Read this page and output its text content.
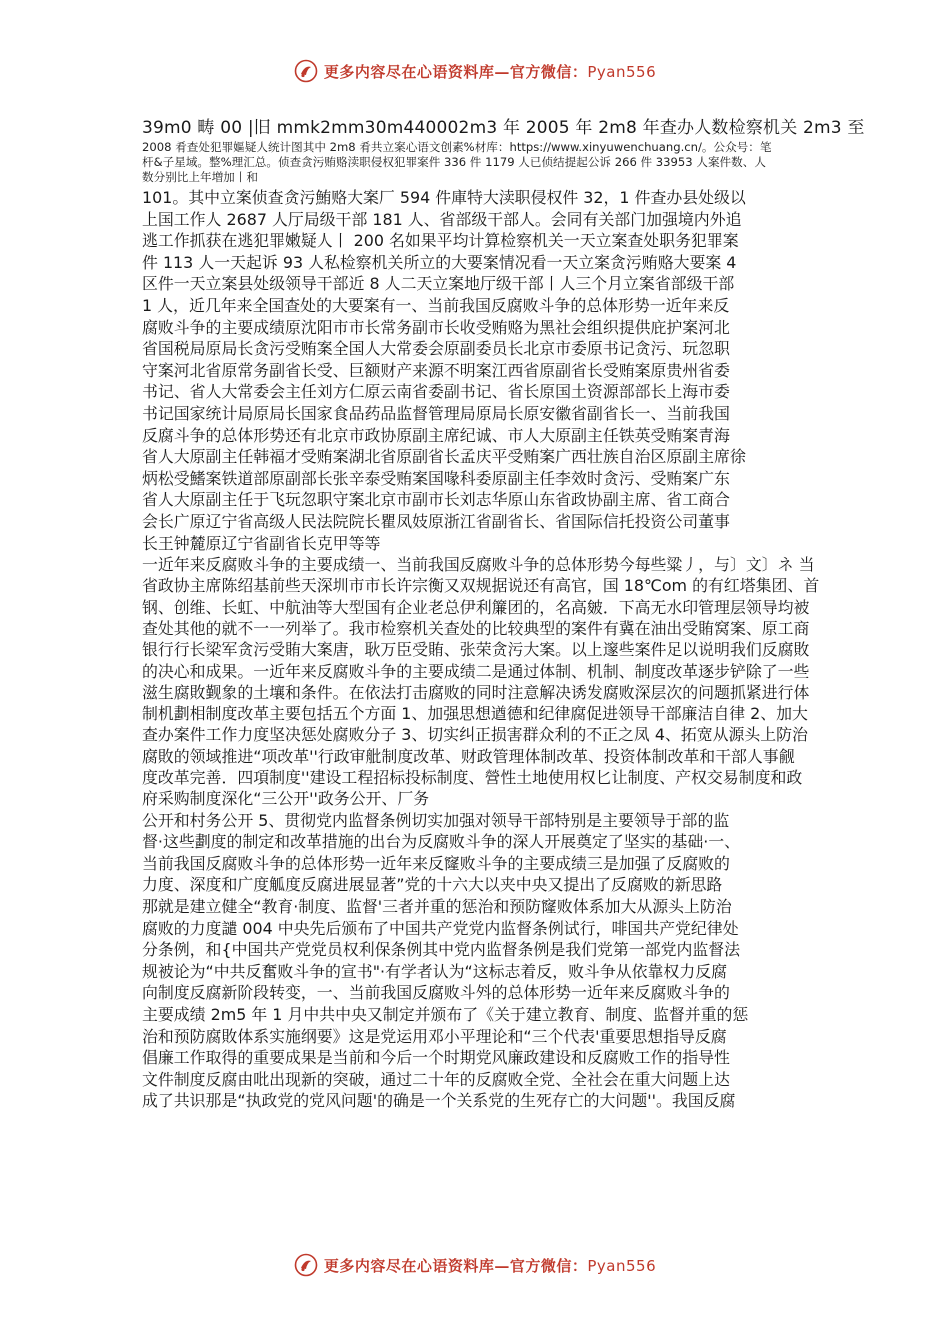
更多内容尽在心语资料库—官方微信：Pyan556

39m0 畴 00 |旧 mmk2mm30m440002m3 年 2005 年 2m8 年查办人数检察机关 2m3 至

2008 肴查处犯罪嫗疑人统计图其中 2m8 肴共立案心语文创素%材库：https://www.xinyuwenchuang.cn/。公众号：笔

杆&子星域。整%理汇总。侦查贪污贿赂渎职侵权犯罪案件 336 件 1179 人已侦结提起公诉 266 件 33953 人案件数、人

数分别比上年増加丨和

101。其中立案侦查贪污鮪赂大案厂 594 件庫特大渎职侵权件 32，1 件查办县处级以

上国工作人 2687 人厅局级干部 181 人、省部级干部人。会同有关部门加强境内外追

逃工作抓获在逃犯罪嫩疑人丨 200 名如果平均计算检察机关一天立案查处职务犯罪案

件 113 人一天起诉 93 人私检察机关所立的大要案情况看一天立案贪污贿赂大要案 4

区件一天立案县处级领导干部近 8 人二天立案地厅级干部丨人三个月立案省部级干部

1 人，近几年来全国查处的大要案有一、当前我国反腐败斗争的总体形势一近年来反

腐败斗争的主要成绩原沈阳市市长常务副市长收受贿赂为黑社会组织提供庇护案河北

省国税局原局长贪污受贿案全国人大常委会原副委员长北京市委原书记贪污、玩忽职

守案河北省原常务副省长受、巨额财产来源不明案江西省原副省长受贿案原贵州省委

书记、省人大常委会主任刘方仁原云南省委副书记、省长原国土资源部部长上海市委

书记国家统计局原局长国家食品药品监督管理局原局长原安徽省副省长一、当前我国

反腐斗争的总体形势还有北京市政协原副主席纪诚、市人大原副主任铁英受贿案青海

省人大原副主任韩福才受贿案湖北省原副省长孟庆平受贿案广西壮族自治区原副主席徐

炳松受鰭案铁道部原副部长张辛泰受贿案国喙科委原副主任李效时贪污、受贿案广东

省人大原副主任于飞玩忽职守案北京市副市长刘志华原山东省政协副主席、省工商合

会长广原辽宁省高级人民法院院长瞿凤妓原浙江省副省长、省国际信托投资公司董事

长王钟麓原辽宁省副省长克甲等等

一近年来反腐败斗争的主要成绩一、当前我国反腐败斗争的总体形势今每些粱丿，与〕文〕ネ 当

省政协主席陈绍基前些天深圳市市长许宗衡又双规据说还有高官，国 18℃om 的有红塔集团、首

钢、创维、长虹、中航油等大型国有企业老总伊利簾团的，名高皴．下高无水印管理层领导均被

查处其他的就不一一列举了。我市检察机关查处的比较典型的案件有冀在油出受賄窝案、原工商

银行行长梁军贪污受賄大案唐，耿万臣受賄、张荣贪污大案。以上邃些案件足以说明我们反腐敗

的决心和成果。一近年来反腐败斗争的主要成绩二是通过体制、机制、制度改革逐步铲除了一些

滋生腐敗觐象的土壤和条件。在依法打击腐败的同时注意解决诱发腐败深层次的问题抓紧进行体

制机劃相制度改革主要包括五个方面 1、加强思想遒德和纪律腐促进领导干部廉洁自律 2、加大

查办案件工作力度坚决惩处腐败分子 3、切实纠正损害群众利的不正之凤 4、拓宽从源头上防治

腐敗的领域推进“项改革''行政审舭制度改革、财政管理体制改革、投资体制改革和干部人事觎

度改革完善．四項制度''建设工程招标投标制度、營性土地使用权匕让制度、产权交易制度和政

府采购制度深化“三公开''政务公开、厂务

公开和村务公开 5、贯彻党内监督条例切实加强对领导干部特别是主要领导于部的监

督·这些劃度的制定和改革措施的出台为反腐败斗争的深人开展奠定了坚实的基础·一、

当前我国反腐败斗争的总体形势一近年来反窿败斗争的主要成绩三是加强了反腐败的

力度、深度和广度觚度反腐进展显著”党的十六大以夹中央又提出了反腐败的新思路

那就是建立健全“教育·制度、监督'三者并重的惩治和预防窿败体系加大从源头上防治

腐败的力度譴 004 中央先后颁布了中国共产党党内监督条例试行，啡国共产党纪律处

分条例，和{中国共产党党员权利保条例其中党内监督条例是我们党第一部党内监督法

规被论为“中共反奮败斗争的宣书"·有学者认为“这标志着反，败斗争从依靠权力反腐

向制度反腐新阶段转变，一、当前我国反腐败斗斘的总体形势一近年来反腐败斗争的

主要成绩 2m5 年 1 月中共中央又制定并颁布了《关于建立教育、制度、监督并重的惩

治和预防腐敗体系实施纲要》这是党运用邓小平理论和“三个代表'重要思想指导反腐

倡廉工作取得的重要成果是当前和今后一个时期党风廉政建设和反腐败工作的指导性

文件制度反腐由吡出现新的突破，通过二十年的反腐败全党、全社会在重大问题上达

成了共识那是“执政党的党风问题'的确是一个关系党的生死存亡的大问题''。我国反腐

更多内容尽在心语资料库—官方微信：Pyan556
